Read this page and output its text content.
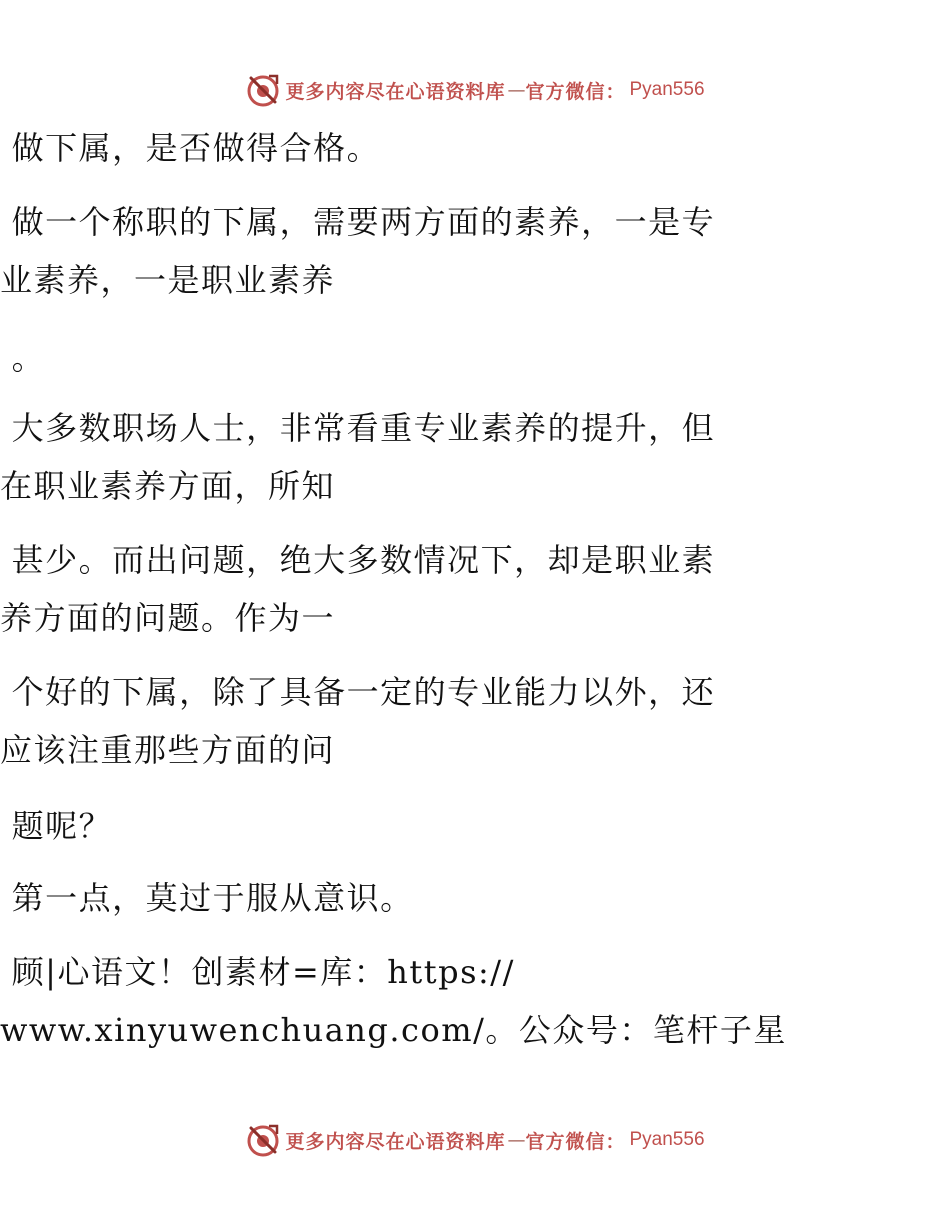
更多内容尽在心语资料库 — 官方微信： Pyan556
做下属，是否做得合格。
做一个称职的下属，需要两方面的素养，一是专
业素养，一是职业素养
。
大多数职场人士，非常看重专业素养的提升，但
在职业素养方面，所知
甚少。而出问题，绝大多数情况下，却是职业素
养方面的问题。作为一
个好的下属，除了具备一定的专业能力以外，还
应该注重那些方面的问
题呢？
第一点，莫过于服从意识。
顾|心语文！创素材=库：https://
www.xinyuwenchuang.com/。公众号：笔杆子星
更多内容尽在心语资料库 — 官方微信： Pyan556
